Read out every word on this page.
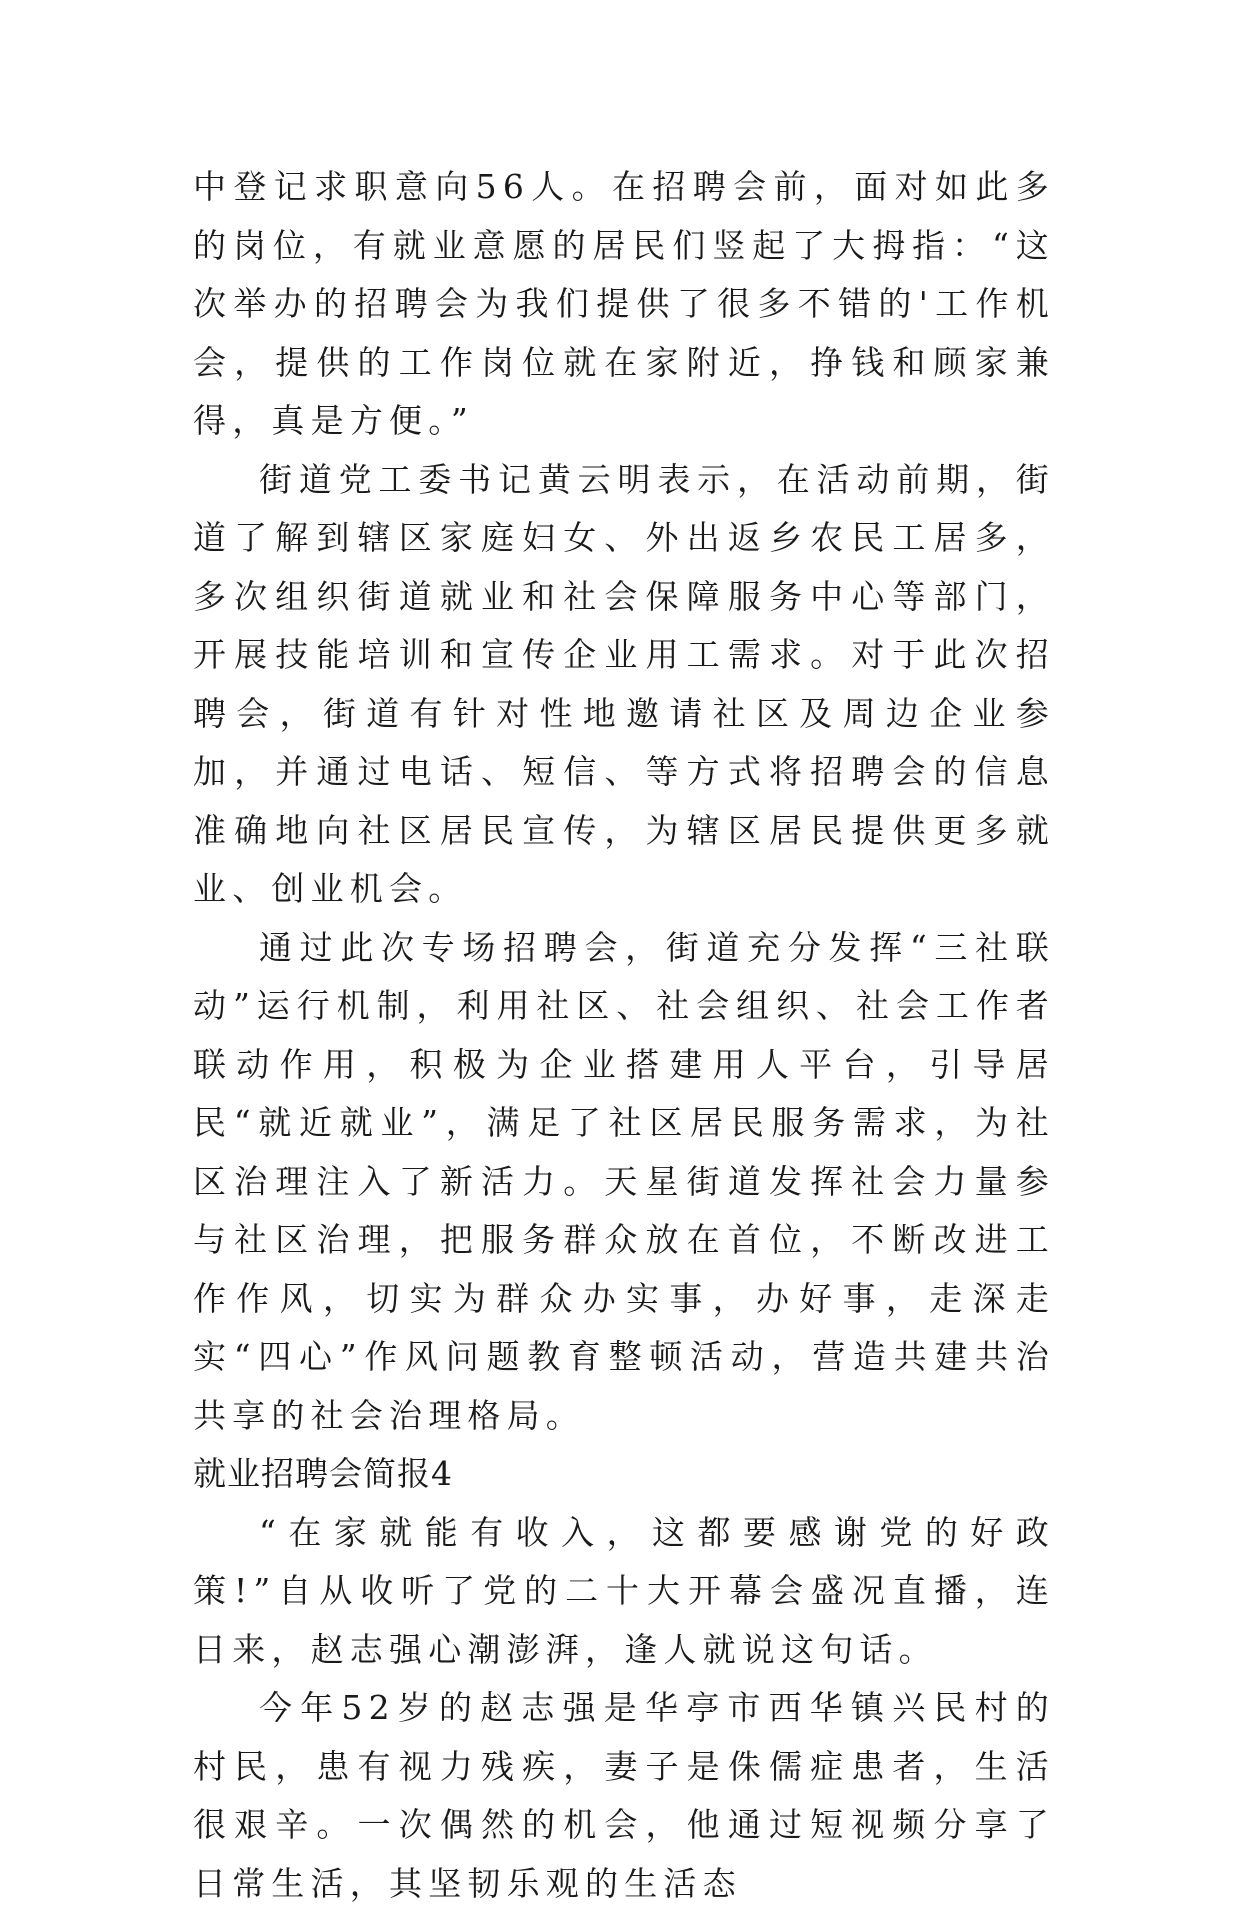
中登记求职意向56人。在招聘会前，面对如此多的岗位，有就业意愿的居民们竖起了大拇指：“这次举办的招聘会为我们提供了很多不错的'工作机会，提供的工作岗位就在家附近，挣钱和顾家兼得，真是方便。”

街道党工委书记黄云明表示，在活动前期，街道了解到辖区家庭妇女、外出返乡农民工居多，多次组织街道就业和社会保障服务中心等部门，开展技能培训和宣传企业用工需求。对于此次招聘会，街道有针对性地邀请社区及周边企业参加，并通过电话、短信、等方式将招聘会的信息准确地向社区居民宣传，为辖区居民提供更多就业、创业机会。

通过此次专场招聘会，街道充分发挥“三社联动”运行机制，利用社区、社会组织、社会工作者联动作用，积极为企业搭建用人平台，引导居民“就近就业”，满足了社区居民服务需求，为社区治理注入了新活力。天星街道发挥社会力量参与社区治理，把服务群众放在首位，不断改进工作作风，切实为群众办实事，办好事，走深走实“四心”作风问题教育整顿活动，营造共建共治共享的社会治理格局。

就业招聘会简报4

“在家就能有收入，这都要感谢党的好政策!”自从收听了党的二十大开幕会盛况直播，连日来，赵志强心潮澎湃，逢人就说这句话。

今年52岁的赵志强是华亭市西华镇兴民村的村民，患有视力残疾，妻子是侏儒症患者，生活很艰辛。一次偶然的机会，他通过短视频分享了日常生活，其坚韧乐观的生活态
